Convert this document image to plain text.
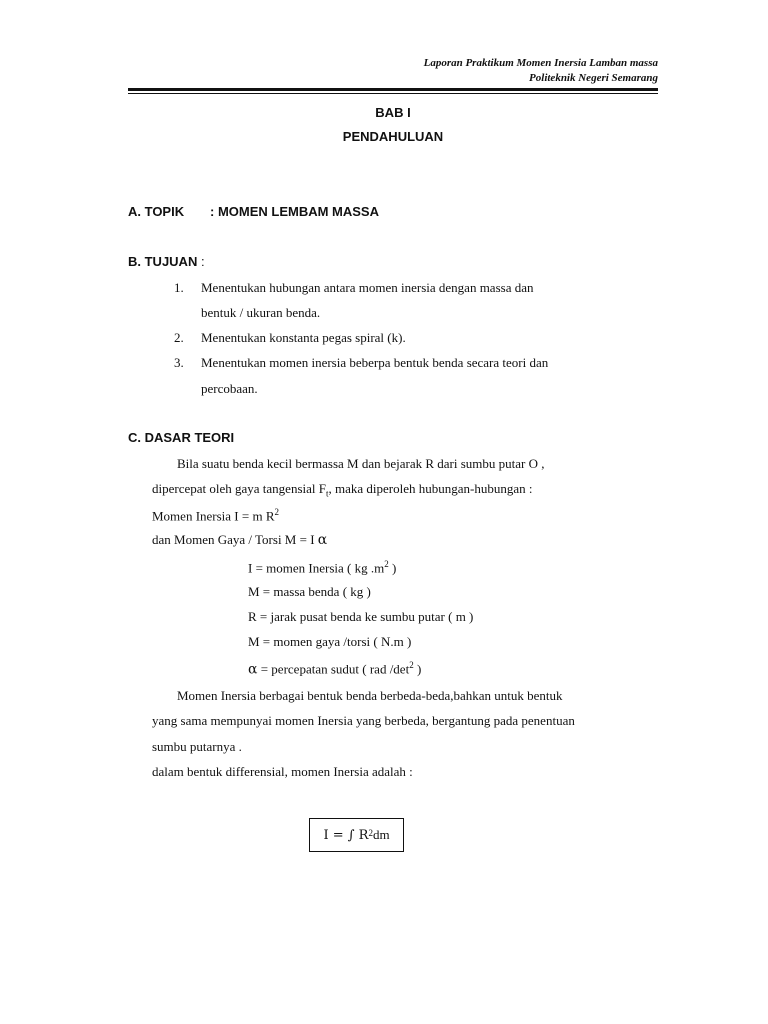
Laporan Praktikum Momen Inersia Lamban massa
Politeknik Negeri Semarang
BAB I
PENDAHULUAN
A. TOPIK : MOMEN LEMBAM MASSA
B. TUJUAN :
1. Menentukan hubungan antara momen inersia dengan massa dan
bentuk / ukuran benda.
2. Menentukan konstanta pegas spiral (k).
3. Menentukan momen inersia beberpa bentuk benda secara teori dan
percobaan.
C. DASAR TEORI
Bila suatu benda kecil bermassa M dan bejarak R dari sumbu putar O ,
dipercepat oleh gaya tangensial $F_t$, maka diperoleh hubungan-hubungan :
Momen Inersia I = m $R^2$
dan Momen Gaya / Torsi M = I α
I = momen Inersia ( kg $.m^2$ )
M = massa benda ( kg )
R = jarak pusat benda ke sumbu putar ( m )
M = momen gaya /torsi ( N.m )
α = percepatan sudut ( rad $/\det^2$ )
Momen Inersia berbagai bentuk benda berbeda-beda,bahkan untuk bentuk
yang sama mempunyai momen Inersia yang berbeda, bergantung pada penentuan
sumbu putarnya .
dalam bentuk differensial, momen Inersia adalah :
I = ∫ $R^2$ dm
